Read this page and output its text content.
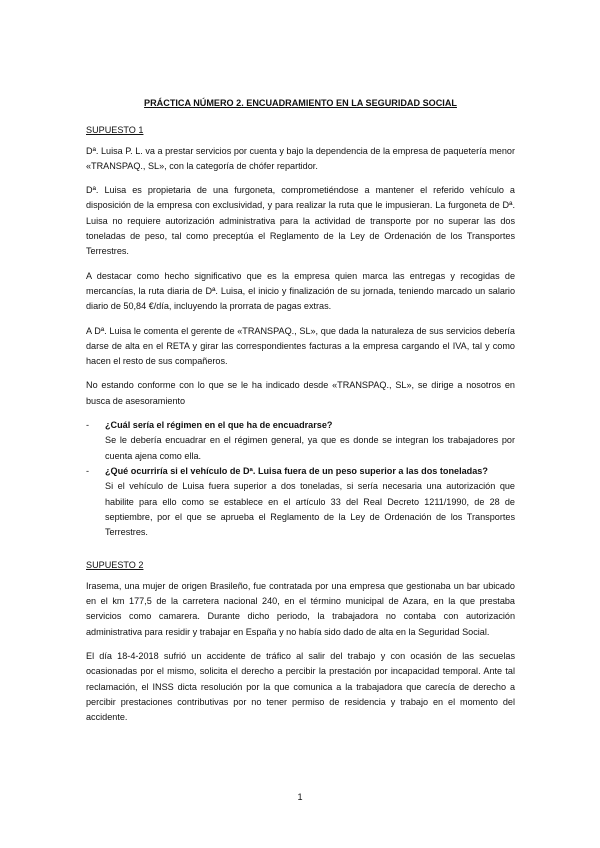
PRÁCTICA NÚMERO 2. ENCUADRAMIENTO EN LA SEGURIDAD SOCIAL
SUPUESTO 1

Dª. Luisa P. L. va a prestar servicios por cuenta y bajo la dependencia de la empresa de paquetería menor «TRANSPAQ., SL», con la categoría de chófer repartidor.

Dª. Luisa es propietaria de una furgoneta, comprometiéndose a mantener el referido vehículo a disposición de la empresa con exclusividad, y para realizar la ruta que le impusieran. La furgoneta de Dª. Luisa no requiere autorización administrativa para la actividad de transporte por no superar las dos toneladas de peso, tal como preceptúa el Reglamento de la Ley de Ordenación de los Transportes Terrestres.

A destacar como hecho significativo que es la empresa quien marca las entregas y recogidas de mercancías, la ruta diaria de Dª. Luisa, el inicio y finalización de su jornada, teniendo marcado un salario diario de 50,84 €/día, incluyendo la prorrata de pagas extras.

A Dª. Luisa le comenta el gerente de «TRANSPAQ., SL», que dada la naturaleza de sus servicios debería darse de alta en el RETA y girar las correspondientes facturas a la empresa cargando el IVA, tal y como hacen el resto de sus compañeros.

No estando conforme con lo que se le ha indicado desde «TRANSPAQ., SL», se dirige a nosotros en busca de asesoramiento

- ¿Cuál sería el régimen en el que ha de encuadrarse?

Se le debería encuadrar en el régimen general, ya que es donde se integran los trabajadores por cuenta ajena como ella.

- ¿Qué ocurriría si el vehículo de Dª. Luisa fuera de un peso superior a las dos toneladas?

Si el vehículo de Luisa fuera superior a dos toneladas, si sería necesaria una autorización que habilite para ello como se establece en el artículo 33 del Real Decreto 1211/1990, de 28 de septiembre, por el que se aprueba el Reglamento de la Ley de Ordenación de los Transportes Terrestres.

SUPUESTO 2

Irasema, una mujer de origen Brasileño, fue contratada por una empresa que gestionaba un bar ubicado en el km 177,5 de la carretera nacional 240, en el término municipal de Azara, en la que prestaba servicios como camarera. Durante dicho periodo, la trabajadora no contaba con autorización administrativa para residir y trabajar en España y no había sido dado de alta en la Seguridad Social.

El día 18-4-2018 sufrió un accidente de tráfico al salir del trabajo y con ocasión de las secuelas ocasionadas por el mismo, solicita el derecho a percibir la prestación por incapacidad temporal. Ante tal reclamación, el INSS dicta resolución por la que comunica a la trabajadora que carecía de derecho a percibir prestaciones contributivas por no tener permiso de residencia y trabajo en el momento del accidente.

1
